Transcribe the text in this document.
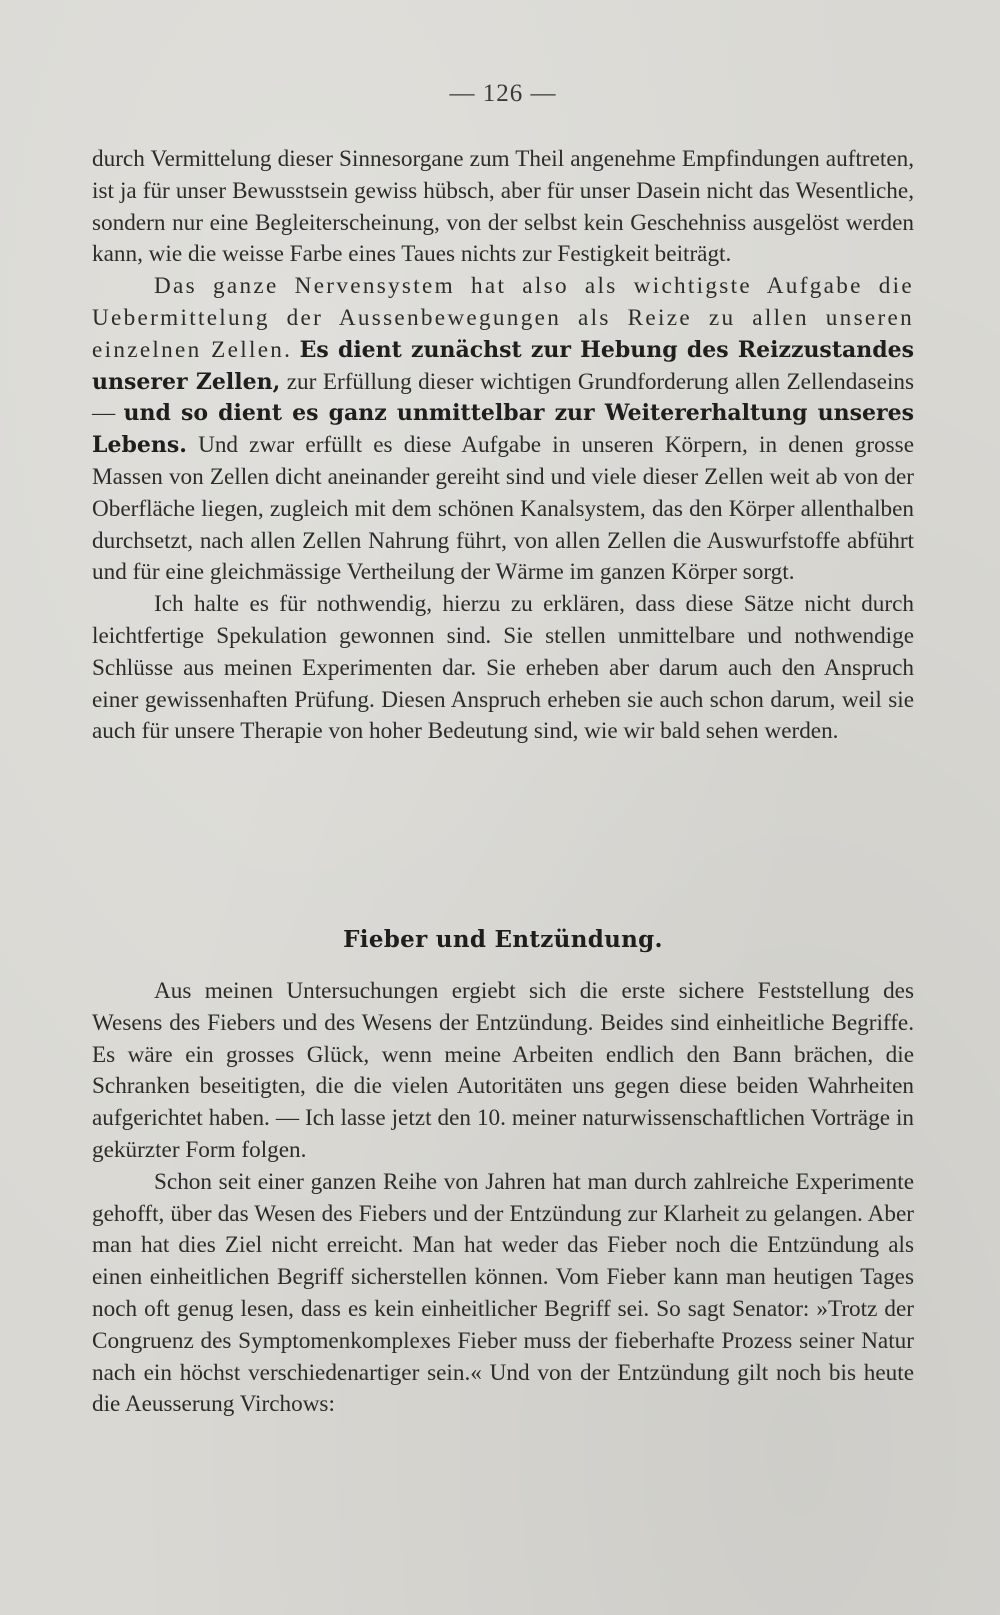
— 126 —

durch Vermittelung dieser Sinnesorgane zum Theil angenehme Empfindungen auftreten, ist ja für unser Bewusstsein gewiss hübsch, aber für unser Dasein nicht das Wesentliche, sondern nur eine Begleiterscheinung, von der selbst kein Geschehniss ausgelöst werden kann, wie die weisse Farbe eines Taues nichts zur Festigkeit beiträgt.

Das ganze Nervensystem hat also als wichtigste Aufgabe die Uebermittelung der Aussenbewegungen als Reize zu allen unseren einzelnen Zellen. Es dient zunächst zur Hebung des Reizzustandes unserer Zellen, zur Erfüllung dieser wichtigen Grundforderung allen Zellendaseins — und so dient es ganz unmittelbar zur Weitererhaltung unseres Lebens. Und zwar erfüllt es diese Aufgabe in unseren Körpern, in denen grosse Massen von Zellen dicht aneinander gereiht sind und viele dieser Zellen weit ab von der Oberfläche liegen, zugleich mit dem schönen Kanalsystem, das den Körper allenthalben durchsetzt, nach allen Zellen Nahrung führt, von allen Zellen die Auswurfstoffe abführt und für eine gleichmässige Vertheilung der Wärme im ganzen Körper sorgt.

Ich halte es für nothwendig, hierzu zu erklären, dass diese Sätze nicht durch leichtfertige Spekulation gewonnen sind. Sie stellen unmittelbare und nothwendige Schlüsse aus meinen Experimenten dar. Sie erheben aber darum auch den Anspruch einer gewissenhaften Prüfung. Diesen Anspruch erheben sie auch schon darum, weil sie auch für unsere Therapie von hoher Bedeutung sind, wie wir bald sehen werden.

Fieber und Entzündung.

Aus meinen Untersuchungen ergiebt sich die erste sichere Feststellung des Wesens des Fiebers und des Wesens der Entzündung. Beides sind einheitliche Begriffe. Es wäre ein grosses Glück, wenn meine Arbeiten endlich den Bann brächen, die Schranken beseitigten, die die vielen Autoritäten uns gegen diese beiden Wahrheiten aufgerichtet haben. — Ich lasse jetzt den 10. meiner naturwissenschaftlichen Vorträge in gekürzter Form folgen.

Schon seit einer ganzen Reihe von Jahren hat man durch zahlreiche Experimente gehofft, über das Wesen des Fiebers und der Entzündung zur Klarheit zu gelangen. Aber man hat dies Ziel nicht erreicht. Man hat weder das Fieber noch die Entzündung als einen einheitlichen Begriff sicherstellen können. Vom Fieber kann man heutigen Tages noch oft genug lesen, dass es kein einheitlicher Begriff sei. So sagt Senator: »Trotz der Congruenz des Symptomenkomplexes Fieber muss der fieberhafte Prozess seiner Natur nach ein höchst verschiedenartiger sein.« Und von der Entzündung gilt noch bis heute die Aeusserung Virchows:
